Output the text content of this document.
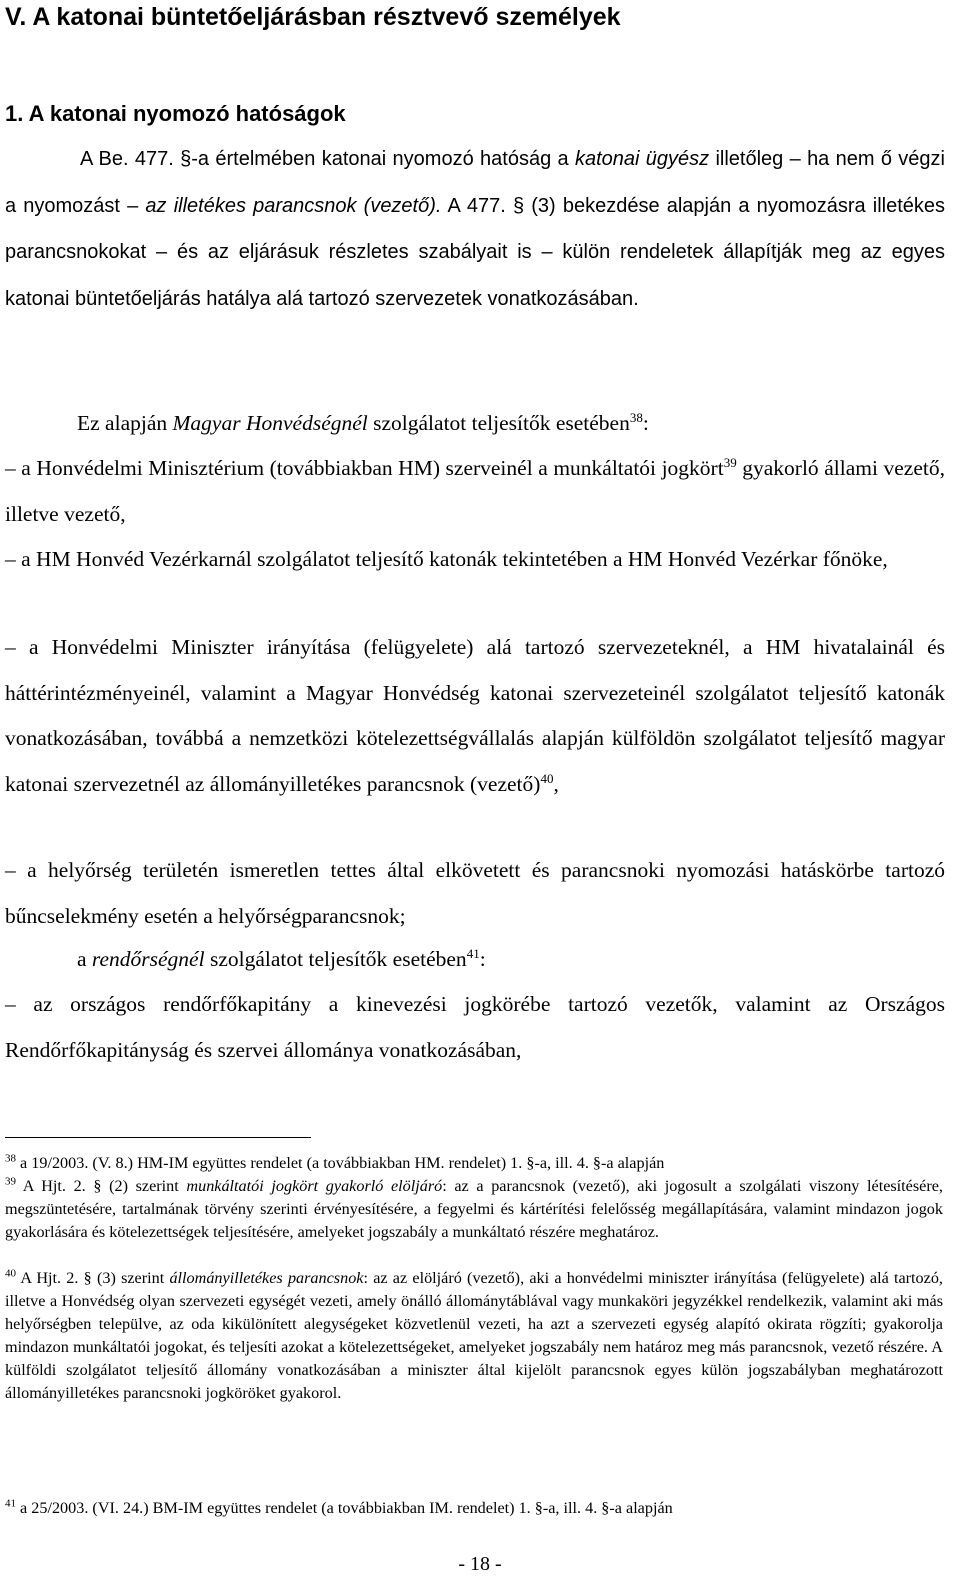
V. A katonai büntetőeljárásban résztvevő személyek
1. A katonai nyomozó hatóságok

A Be. 477. §-a értelmében katonai nyomozó hatóság a katonai ügyész illetőleg – ha nem ő végzi a nyomozást – az illetékes parancsnok (vezető). A 477. § (3) bekezdése alapján a nyomozásra illetékes parancsnokokat – és az eljárásuk részletes szabályait is – külön rendeletek állapítják meg az egyes katonai büntetőeljárás hatálya alá tartozó szervezetek vonatkozásában.

Ez alapján Magyar Honvédségnél szolgálatot teljesítők esetében$^{38}$:

– a Honvédelmi Minisztérium (továbbiakban HM) szerveinél a munkáltatói jogkört$^{39}$ gyakorló állami vezető, illetve vezető,

– a HM Honvéd Vezérkarnál szolgálatot teljesítő katonák tekintetében a HM Honvéd Vezérkar főnöke,

– a Honvédelmi Miniszter irányítása (felügyelete) alá tartozó szervezeteknél, a HM hivatalainál és háttérintézményeinél, valamint a Magyar Honvédség katonai szervezeteinél szolgálatot teljesítő katonák vonatkozásában, továbbá a nemzetközi kötelezettségvállalás alapján külföldön szolgálatot teljesítő magyar katonai szervezetnél az állományilletékes parancsnok (vezető)$^{40}$,

– a helyőrség területén ismeretlen tettes által elkövetett és parancsnoki nyomozási hatáskörbe tartozó bűncselekmény esetén a helyőrségparancsnok;

a rendőrségnél szolgálatot teljesítők esetében$^{41}$:

– az országos rendőrfőkapitány a kinevezési jogkörébe tartozó vezetők, valamint az Országos Rendőrfőkapitányság és szervei állománya vonatkozásában,

$^{38}$ a 19/2003. (V. 8.) HM-IM együttes rendelet (a továbbiakban HM. rendelet) 1. §-a, ill. 4. §-a alapján

$^{39}$ A Hjt. 2. § (2) szerint munkáltatói jogkört gyakorló elöljáró: az a parancsnok (vezető), aki jogosult a szolgálati viszony létesítésére, megszüntetésére, tartalmának törvény szerinti érvényesítésére, a fegyelmi és kártérítési felelősség megállapítására, valamint mindazon jogok gyakorlására és kötelezettségek teljesítésére, amelyeket jogszabály a munkáltató részére meghatároz.

$^{40}$ A Hjt. 2. § (3) szerint állományilletékes parancsnok: az az elöljáró (vezető), aki a honvédelmi miniszter irányítása (felügyelete) alá tartozó, illetve a Honvédség olyan szervezeti egységét vezeti, amely önálló állománytáblával vagy munkaköri jegyzékkel rendelkezik, valamint aki más helyőrségben települve, az oda kikülönített alegységeket közvetlenül vezeti, ha azt a szervezeti egység alapító okirata rögzíti; gyakorolja mindazon munkáltatói jogokat, és teljesíti azokat a kötelezettségeket, amelyeket jogszabály nem határoz meg más parancsnok, vezető részére. A külföldi szolgálatot teljesítő állomány vonatkozásában a miniszter által kijelölt parancsnok egyes külön jogszabályban meghatározott állományilletékes parancsnoki jogköröket gyakorol.

$^{41}$ a 25/2003. (VI. 24.) BM-IM együttes rendelet (a továbbiakban IM. rendelet) 1. §-a, ill. 4. §-a alapján

- 18 -
